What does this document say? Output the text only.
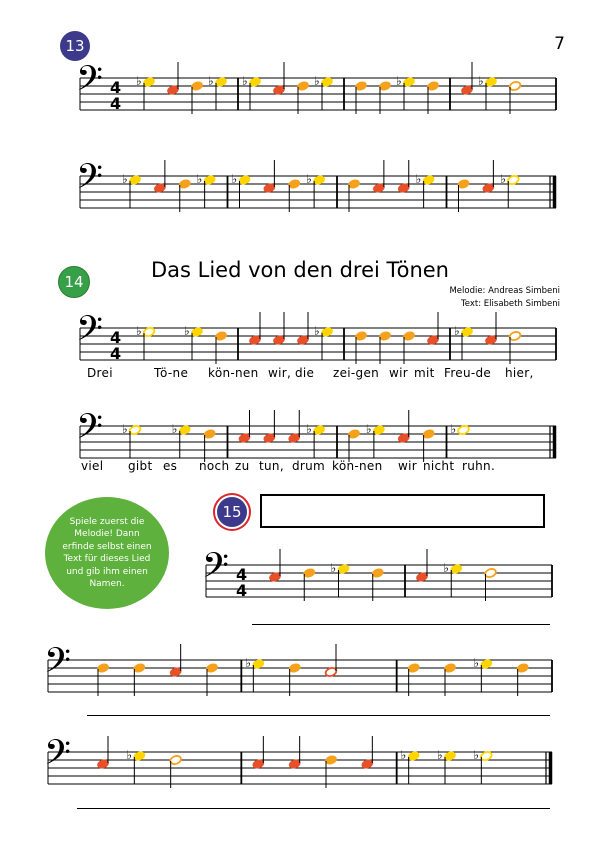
7
13
𝄢 4
4
♭	♭ ♭	♭	♭	♭
𝄢 ♭	♭ ♭	♭	♭	♭
14	Das Lied von den drei Tönen
Melodie: Andreas Simbeni
Text: Elisabeth Simbeni
𝄢 4
4
♭	♭	♭	♭
Drei	Tö-ne kön-nen wir, die zei-gen wir mit Freu-de hier,
𝄢 ♭	♭	♭	♭	♭
viel gibt es noch zu tun, drum kön-nen wir nicht ruhn.
Spiele zuerst die Melodie! Dann erfinde selbst einen Text für dieses Lied und gib ihm einen Namen.
15
𝄢 4
4
♭	♭
𝄢	♭	♭
𝄢	♭	♭	♭	♭
